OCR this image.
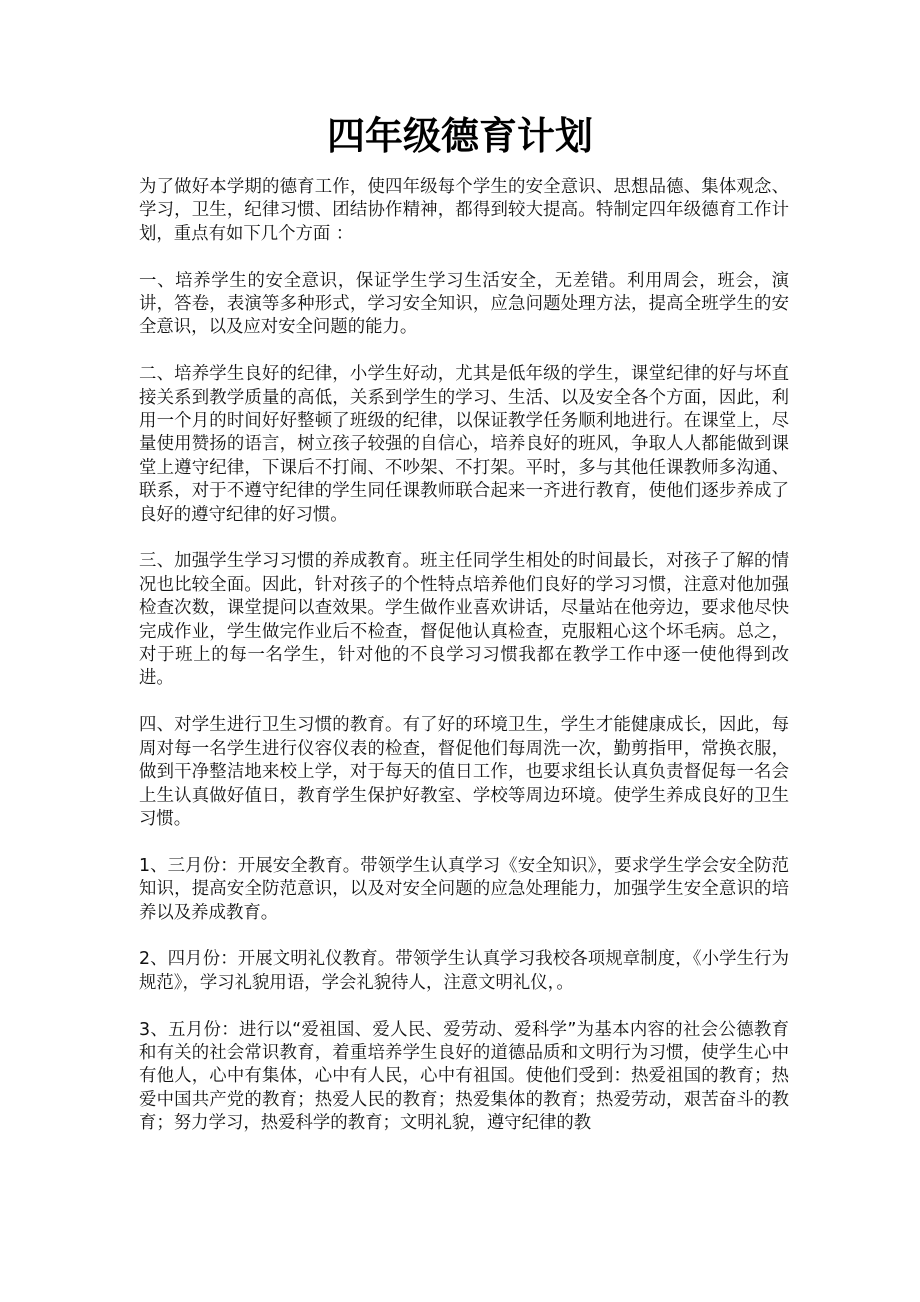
四年级德育计划

为了做好本学期的德育工作，使四年级每个学生的安全意识、思想品德、集体观念、学习，卫生，纪律习惯、团结协作精神，都得到较大提高。特制定四年级德育工作计划，重点有如下几个方面 ：

一、培养学生的安全意识，保证学生学习生活安全，无差错。利用周会，班会，演讲，答卷，表演等多种形式，学习安全知识，应急问题处理方法，提高全班学生的安全意识，以及应对安全问题的能力。

二、培养学生良好的纪律，小学生好动，尤其是低年级的学生，课堂纪律的好与坏直接关系到教学质量的高低，关系到学生的学习、生活、以及安全各个方面，因此，利用一个月的时间好好整顿了班级的纪律，以保证教学任务顺利地进行。在课堂上，尽量使用赞扬的语言，树立孩子较强的自信心，培养良好的班风，争取人人都能做到课堂上遵守纪律，下课后不打闹、不吵架、不打架。平时，多与其他任课教师多沟通、联系，对于不遵守纪律的学生同任课教师联合起来一齐进行教育，使他们逐步养成了良好的遵守纪律的好习惯。

三、加强学生学习习惯的养成教育。班主任同学生相处的时间最长，对孩子了解的情况也比较全面。因此，针对孩子的个性特点培养他们良好的学习习惯，注意对他加强检查次数，课堂提问以查效果。学生做作业喜欢讲话，尽量站在他旁边，要求他尽快完成作业，学生做完作业后不检查，督促他认真检查，克服粗心这个坏毛病。总之，对于班上的每一名学生，针对他的不良学习习惯我都在教学工作中逐一使他得到改进。

四、对学生进行卫生习惯的教育。有了好的环境卫生，学生才能健康成长，因此，每周对每一名学生进行仪容仪表的检查，督促他们每周洗一次，勤剪指甲，常换衣服，做到干净整洁地来校上学，对于每天的值日工作，也要求组长认真负责督促每一名会上生认真做好值日，教育学生保护好教室、学校等周边环境。使学生养成良好的卫生习惯。

1、三月份：开展安全教育。带领学生认真学习《安全知识》，要求学生学会安全防范知识，提高安全防范意识，以及对安全问题的应急处理能力，加强学生安全意识的培养以及养成教育。

2、四月份：开展文明礼仪教育。带领学生认真学习我校各项规章制度，《小学生行为规范》，学习礼貌用语，学会礼貌待人，注意文明礼仪，。

3、五月份：进行以“爱祖国、爱人民、爱劳动、爱科学”为基本内容的社会公德教育和有关的社会常识教育，着重培养学生良好的道德品质和文明行为习惯，使学生心中有他人，心中有集体，心中有人民，心中有祖国。使他们受到：热爱祖国的教育；热爱中国共产党的教育；热爱人民的教育；热爱集体的教育；热爱劳动，艰苦奋斗的教育；努力学习，热爱科学的教育；文明礼貌，遵守纪律的教
